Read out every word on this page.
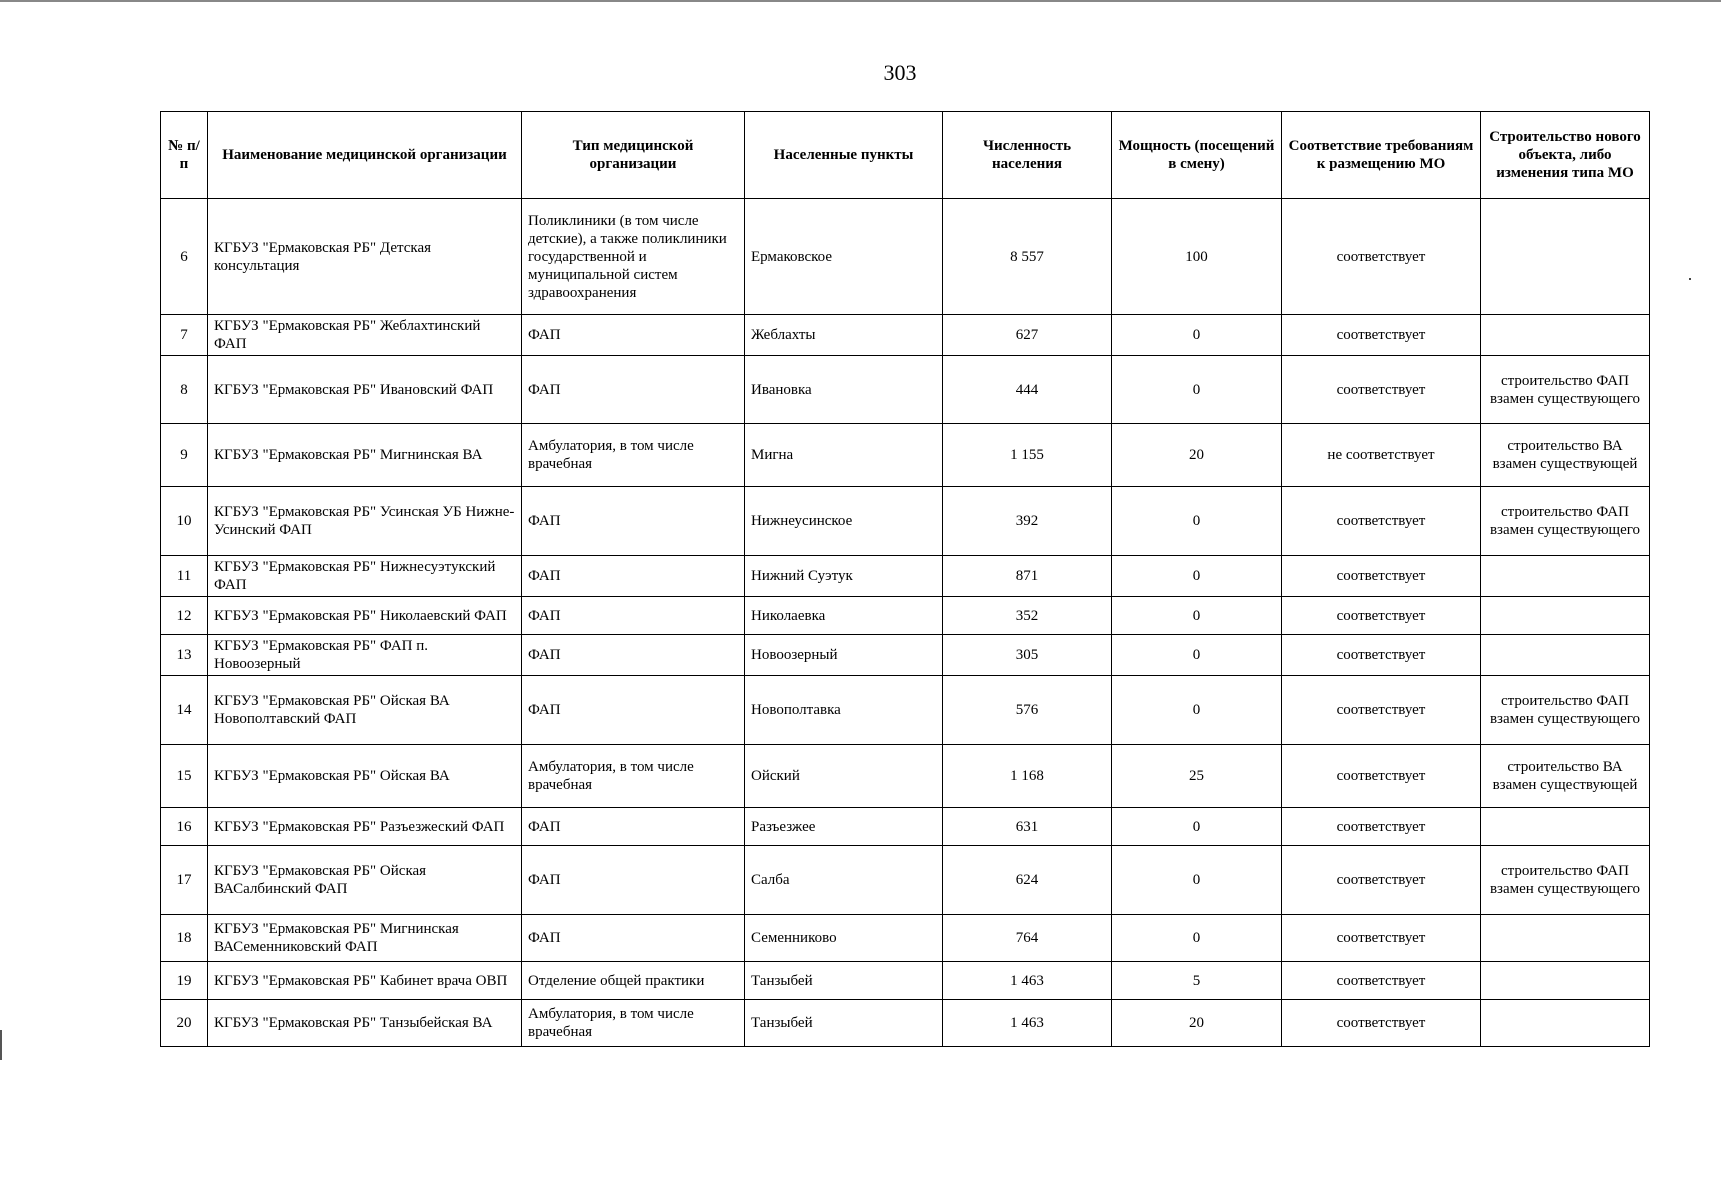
303
№ п/п	Наименование медицинской организации	Тип медицинской организации	Населенные пункты	Численность населения	Мощность (посещений в смену)	Соответствие требованиям к размещению МО	Строительство нового объекта, либо изменения типа МО
6	КГБУЗ "Ермаковская РБ" Детская консультация	Поликлиники (в том числе детские), а также поликлиники государственной и муниципальной систем здравоохранения	Ермаковское	8 557	100	соответствует	
7	КГБУЗ "Ермаковская РБ" Жеблахтинский ФАП	ФАП	Жеблахты	627	0	соответствует	
8	КГБУЗ "Ермаковская РБ" Ивановский ФАП	ФАП	Ивановка	444	0	соответствует	строительство ФАП взамен существующего
9	КГБУЗ "Ермаковская РБ" Мигнинская ВА	Амбулатория, в том числе врачебная	Мигна	1 155	20	не соответствует	строительство ВА взамен существующей
10	КГБУЗ "Ермаковская РБ" Усинская УБ Нижне-Усинский ФАП	ФАП	Нижнеусинское	392	0	соответствует	строительство ФАП взамен существующего
11	КГБУЗ "Ермаковская РБ" Нижнесуэтукский ФАП	ФАП	Нижний Суэтук	871	0	соответствует	
12	КГБУЗ "Ермаковская РБ" Николаевский ФАП	ФАП	Николаевка	352	0	соответствует	
13	КГБУЗ "Ермаковская РБ" ФАП п. Новоозерный	ФАП	Новоозерный	305	0	соответствует	
14	КГБУЗ "Ермаковская РБ" Ойская ВА Новополтавский ФАП	ФАП	Новополтавка	576	0	соответствует	строительство ФАП взамен существующего
15	КГБУЗ "Ермаковская РБ" Ойская ВА	Амбулатория, в том числе врачебная	Ойский	1 168	25	соответствует	строительство ВА взамен существующей
16	КГБУЗ "Ермаковская РБ" Разъезжеский ФАП	ФАП	Разъезжее	631	0	соответствует	
17	КГБУЗ "Ермаковская РБ" Ойская ВАСалбинский ФАП	ФАП	Салба	624	0	соответствует	строительство ФАП взамен существующего
18	КГБУЗ "Ермаковская РБ" Мигнинская ВАСеменниковский ФАП	ФАП	Семенниково	764	0	соответствует	
19	КГБУЗ "Ермаковская РБ" Кабинет врача ОВП	Отделение общей практики	Танзыбей	1 463	5	соответствует	
20	КГБУЗ "Ермаковская РБ" Танзыбейская ВА	Амбулатория, в том числе врачебная	Танзыбей	1 463	20	соответствует	
